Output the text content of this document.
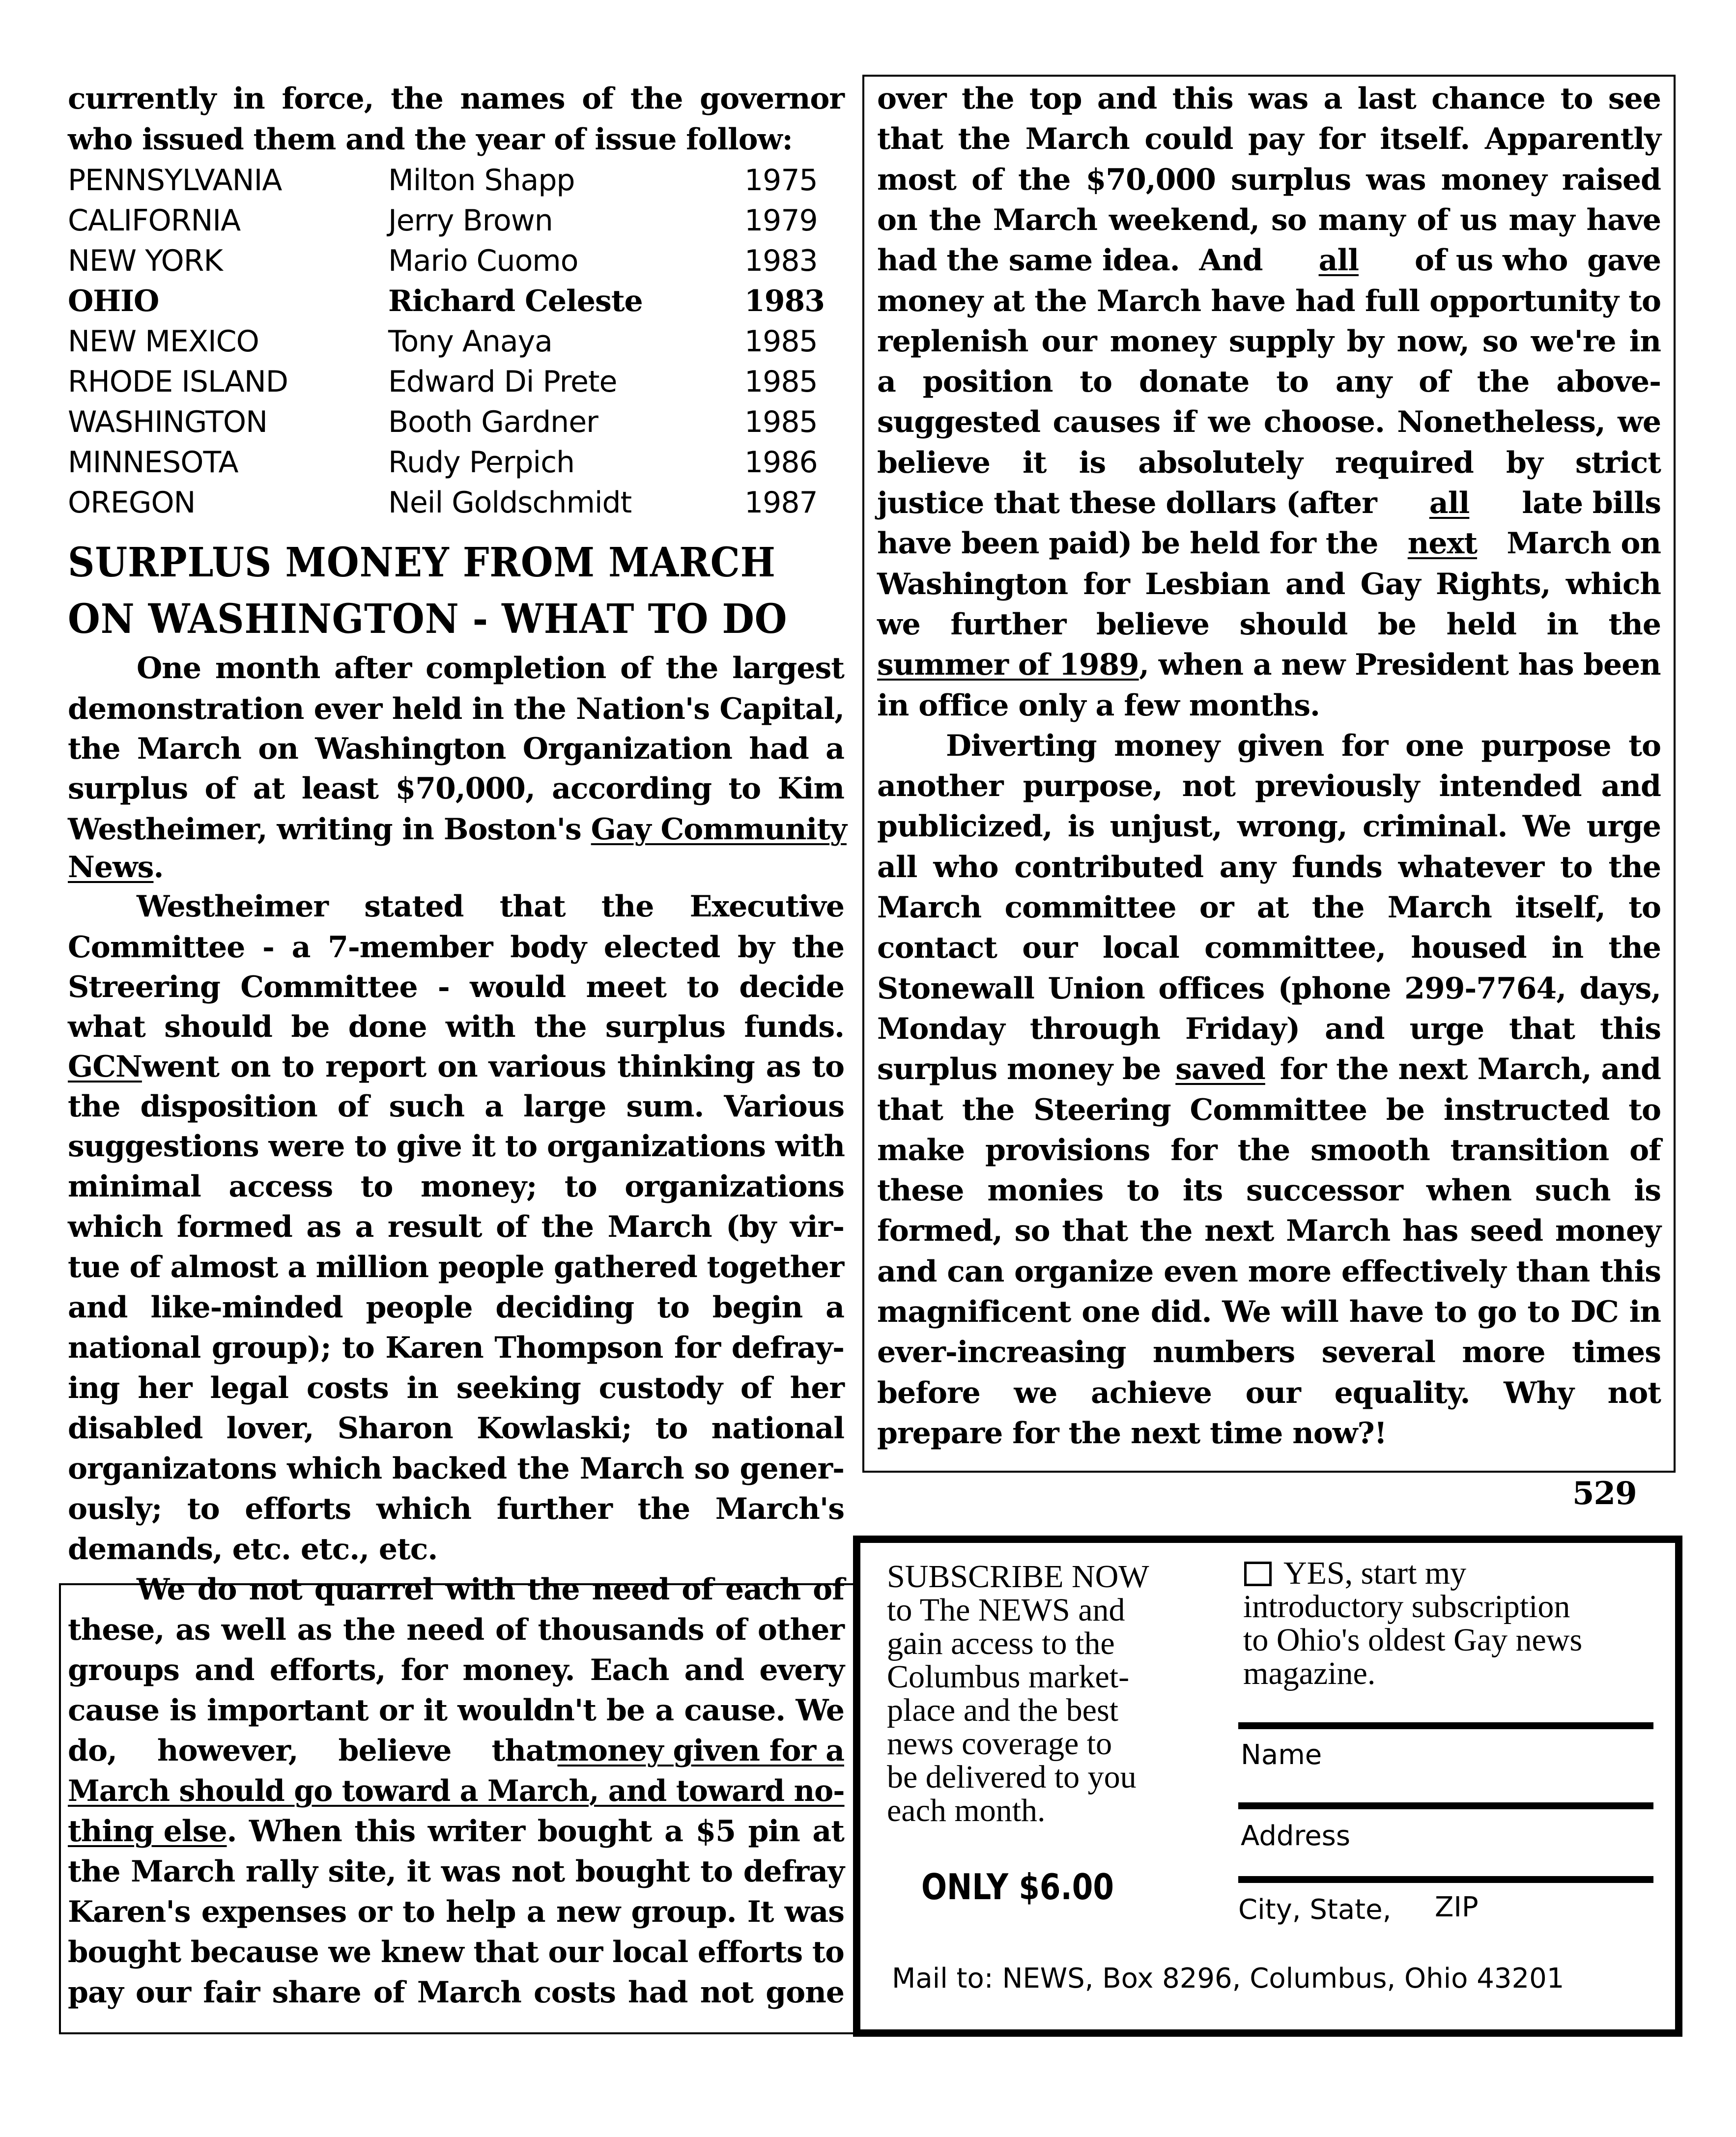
currently in force, the names of the governor
who issued them and the year of issue follow:
PENNSYLVANIA	Milton Shapp	1975
CALIFORNIA	Jerry Brown	1979
NEW YORK	Mario Cuomo	1983
OHIO	Richard Celeste	1983
NEW MEXICO	Tony Anaya	1985
RHODE ISLAND	Edward Di Prete	1985
WASHINGTON	Booth Gardner	1985
MINNESOTA	Rudy Perpich	1986
OREGON	Neil Goldschmidt	1987
SURPLUS MONEY FROM MARCH
ON WASHINGTON - WHAT TO DO
One month after completion of the largest
demonstration ever held in the Nation's Capital,
the March on Washington Organization had a
surplus of at least $70,000, according to Kim
Westheimer, writing in Boston's Gay Community
News.
Westheimer stated that the Executive
Committee - a 7-member body elected by the
Streering Committee - would meet to decide
what should be done with the surplus funds.
GCN went on to report on various thinking as to
the disposition of such a large sum. Various
suggestions were to give it to organizations with
minimal access to money; to organizations
which formed as a result of the March (by vir-
tue of almost a million people gathered together
and like-minded people deciding to begin a
national group); to Karen Thompson for defray-
ing her legal costs in seeking custody of her
disabled lover, Sharon Kowlaski; to national
organizatons which backed the March so gener-
ously; to efforts which further the March's
demands, etc. etc., etc.
We do not quarrel with the need of each of
these, as well as the need of thousands of other
groups and efforts, for money. Each and every
cause is important or it wouldn't be a cause. We
do, however, believe that money given for a
March should go toward a March, and toward no-
thing else . When this writer bought a $5 pin at
the March rally site, it was not bought to defray
Karen's expenses or to help a new group. It was
bought because we knew that our local efforts to
pay our fair share of March costs had not gone
over the top and this was a last chance to see
that the March could pay for itself. Apparently
most of the $70,000 surplus was money raised
on the March weekend, so many of us may have
had the same idea.  And all of us who  gave
money at the March have had full opportunity to
replenish our money supply by now, so we're in
a position to donate to any of the above-
suggested causes if we choose. Nonetheless, we
believe it is absolutely required by strict
justice that these dollars (after all late bills
have been paid) be held for the next March on
Washington for Lesbian and Gay Rights, which
we further believe should be held in the
summer of 1989 , when a new President has been
in office only a few months.
Diverting money given for one purpose to
another purpose, not previously intended and
publicized, is unjust, wrong, criminal. We urge
all who contributed any funds whatever to the
March committee or at the March itself, to
contact our local committee, housed in the
Stonewall Union offices (phone 299-7764, days,
Monday through Friday) and urge that this
surplus money be saved for the next March, and
that the Steering Committee be instructed to
make provisions for the smooth transition of
these monies to its successor when such is
formed, so that the next March has seed money
and can organize even more effectively than this
magnificent one did. We will have to go to DC in
ever-increasing numbers several more times
before we achieve our equality. Why not
prepare for the next time now?!
529
SUBSCRIBE NOW
to The NEWS and
gain access to the
Columbus market-
place and the best
news coverage to
be delivered to you
each month.
ONLY $6.00
YES, start my
introductory subscription
to Ohio's oldest Gay news
magazine.
Name
Address
City, State, ZIP
Mail to: NEWS, Box 8296, Columbus, Ohio 43201
